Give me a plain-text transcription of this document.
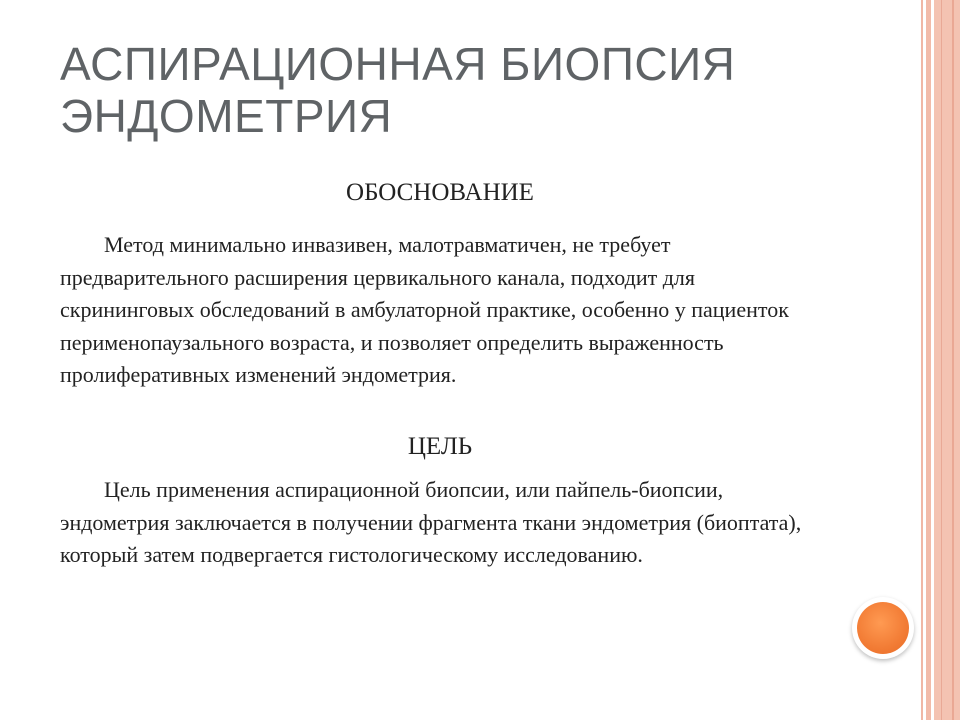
АСПИРАЦИОННАЯ БИОПСИЯ ЭНДОМЕТРИЯ
ОБОСНОВАНИЕ

Метод минимально инвазивен, малотравматичен, не требует предварительного расширения цервикального канала, подходит для скрининговых обследований в амбулаторной практике, особенно у пациенток перименопаузального возраста, и позволяет определить выраженность пролиферативных изменений эндометрия.

ЦЕЛЬ

Цель применения аспирационной биопсии, или пайпель-биопсии, эндометрия заключается в получении фрагмента ткани эндометрия (биоптата), который затем подвергается гистологическому исследованию.
